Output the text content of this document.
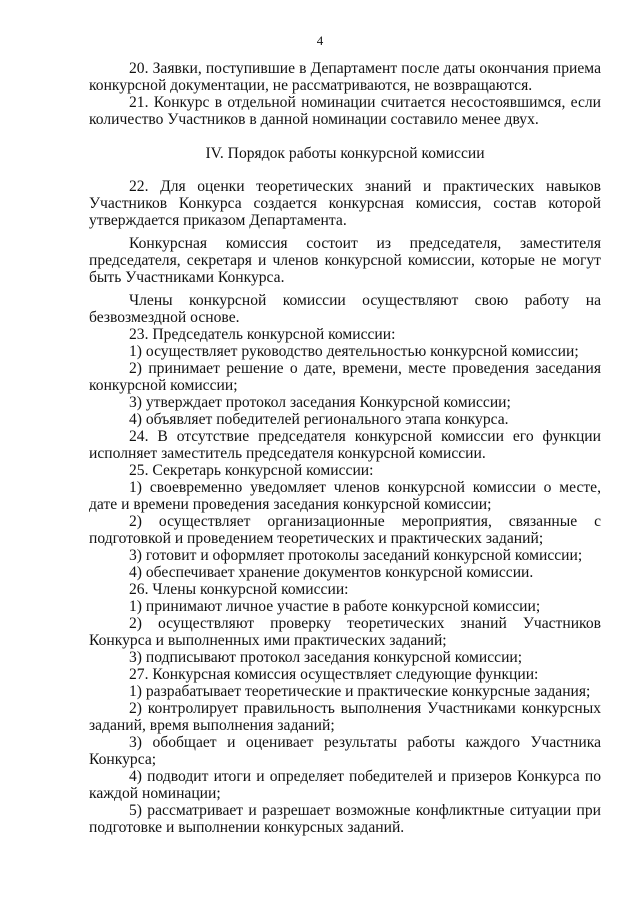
4

20. Заявки, поступившие в Департамент после даты окончания приема конкурсной документации, не рассматриваются, не возвращаются.

21. Конкурс в отдельной номинации считается несостоявшимся, если количество Участников в данной номинации составило менее двух.

IV. Порядок работы конкурсной комиссии

22. Для оценки теоретических знаний и практических навыков Участников Конкурса создается конкурсная комиссия, состав которой утверждается приказом Департамента.

Конкурсная комиссия состоит из председателя, заместителя председателя, секретаря и членов конкурсной комиссии, которые не могут быть Участниками Конкурса.

Члены конкурсной комиссии осуществляют свою работу на безвозмездной основе.

23. Председатель конкурсной комиссии:

1) осуществляет руководство деятельностью конкурсной комиссии;

2) принимает решение о дате, времени, месте проведения заседания конкурсной комиссии;

3) утверждает протокол заседания Конкурсной комиссии;

4) объявляет победителей регионального этапа конкурса.

24. В отсутствие председателя конкурсной комиссии его функции исполняет заместитель председателя конкурсной комиссии.

25. Секретарь конкурсной комиссии:

1) своевременно уведомляет членов конкурсной комиссии о месте, дате и времени проведения заседания конкурсной комиссии;

2) осуществляет организационные мероприятия, связанные с подготовкой и проведением теоретических и практических заданий;

3) готовит и оформляет протоколы заседаний конкурсной комиссии;

4) обеспечивает хранение документов конкурсной комиссии.

26. Члены конкурсной комиссии:

1) принимают личное участие в работе конкурсной комиссии;

2) осуществляют проверку теоретических знаний Участников Конкурса и выполненных ими практических заданий;

3) подписывают протокол заседания конкурсной комиссии;

27. Конкурсная комиссия осуществляет следующие функции:

1) разрабатывает теоретические и практические конкурсные задания;

2) контролирует правильность выполнения Участниками конкурсных заданий, время выполнения заданий;

3) обобщает и оценивает результаты работы каждого Участника Конкурса;

4) подводит итоги и определяет победителей и призеров Конкурса по каждой номинации;

5) рассматривает и разрешает возможные конфликтные ситуации при подготовке и выполнении конкурсных заданий.
